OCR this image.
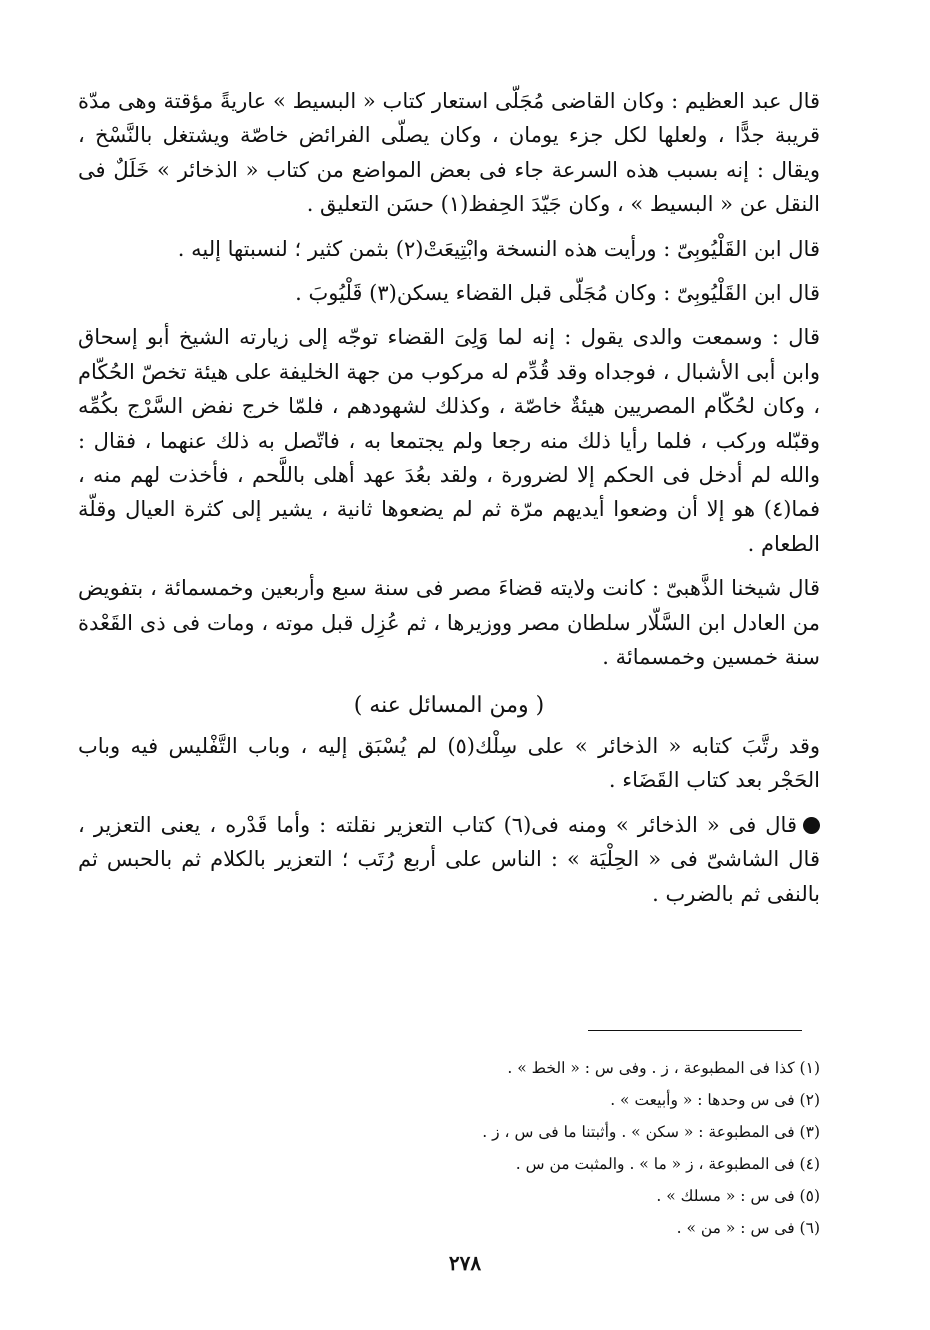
قال عبد العظيم : وكان القاضى مُجَلّى استعار كتاب « البسيط » عاريةً مؤقتة وهى مدّة قريبة جدًّا ، ولعلها لكل جزء يومان ، وكان يصلّى الفرائض خاصّة ويشتغل بالنَّسْخ ، ويقال : إنه بسبب هذه السرعة جاء فى بعض المواضع من كتاب « الذخائر » خَلَلٌ فى النقل عن « البسيط » ، وكان جَيّدَ الحِفظ(١) حسَن التعليق .

قال ابن القَلْيُوبِىّ : ورأيت هذه النسخة وابْتِيعَتْ(٢) بثمن كثير ؛ لنسبتها إليه .

قال ابن القَلْيُوبِىّ : وكان مُجَلّى قبل القضاء يسكن(٣) قَلْيُوبَ .

قال : وسمعت والدى يقول : إنه لما وَلِىَ القضاء توجّه إلى زيارته الشيخ أبو إسحاق وابن أبى الأشبال ، فوجداه وقد قُدِّم له مركوب من جهة الخليفة على هيئة تخصّ الحُكّام ، وكان لحُكّام المصريين هيئةٌ خاصّة ، وكذلك لشهودهم ، فلمّا خرج نفض السَّرْج بكُمِّه وقبّله وركب ، فلما رأيا ذلك منه رجعا ولم يجتمعا به ، فاتّصل به ذلك عنهما ، فقال : والله لم أدخل فى الحكم إلا لضرورة ، ولقد بعُدَ عهد أهلى باللَّحم ، فأخذت لهم منه ، فما(٤) هو إلا أن وضعوا أيديهم مرّة ثم لم يضعوها ثانية ، يشير إلى كثرة العيال وقلّة الطعام .

قال شيخنا الذَّهبىّ : كانت ولايته قضاءَ مصر فى سنة سبع وأربعين وخمسمائة ، بتفويض من العادل ابن السَّلّار سلطان مصر ووزيرها ، ثم عُزِل قبل موته ، ومات فى ذى القَعْدة سنة خمسين وخمسمائة .

( ومن المسائل عنه )

وقد رتَّبَ كتابه « الذخائر » على سِلْك(٥) لم يُسْبَق إليه ، وباب التَّفْليس فيه وباب الحَجْر بعد كتاب القَضَاء .

قال فى « الذخائر » ومنه فى(٦) كتاب التعزير نقلته : وأما قَدْره ، يعنى التعزير ، قال الشاشىّ فى « الحِلْيَة » : الناس على أربع رُتَب ؛ التعزير بالكلام ثم بالحبس ثم بالنفى ثم بالضرب .

(١) كذا فى المطبوعة ، ز . وفى س : « الخط » .
(٢) فى س وحدها : « وأبيعت » .
(٣) فى المطبوعة : « سكن » . وأثبتنا ما فى س ، ز .
(٤) فى المطبوعة ، ز « ما » . والمثبت من س .
(٥) فى س : « مسلك » .
(٦) فى س : « من » .
٢٧٨
